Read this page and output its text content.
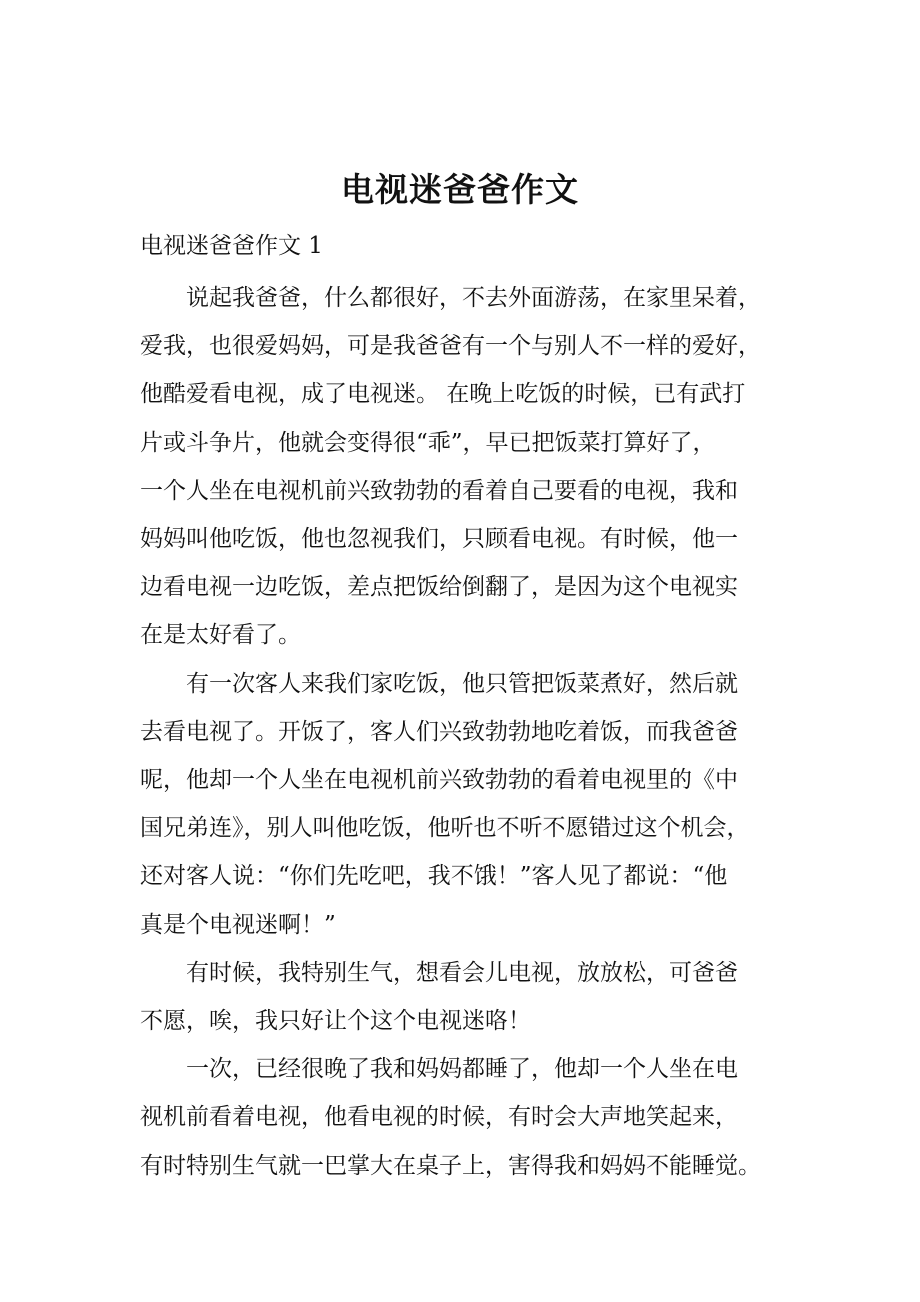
电视迷爸爸作文
电视迷爸爸作文 1

　　说起我爸爸，什么都很好，不去外面游荡，在家里呆着，
爱我，也很爱妈妈，可是我爸爸有一个与别人不一样的爱好，
他酷爱看电视，成了电视迷。 在晚上吃饭的时候，已有武打
片或斗争片，他就会变得很“乖”，早已把饭菜打算好了，
一个人坐在电视机前兴致勃勃的看着自己要看的电视，我和
妈妈叫他吃饭，他也忽视我们，只顾看电视。有时候，他一
边看电视一边吃饭，差点把饭给倒翻了，是因为这个电视实
在是太好看了。

　　有一次客人来我们家吃饭，他只管把饭菜煮好，然后就
去看电视了。开饭了，客人们兴致勃勃地吃着饭，而我爸爸
呢，他却一个人坐在电视机前兴致勃勃的看着电视里的《中
国兄弟连》，别人叫他吃饭，他听也不听不愿错过这个机会，
还对客人说：“你们先吃吧，我不饿！”客人见了都说：“他
真是个电视迷啊！”

　　有时候，我特别生气，想看会儿电视，放放松，可爸爸
不愿，唉，我只好让个这个电视迷咯！

　　一次，已经很晚了我和妈妈都睡了，他却一个人坐在电
视机前看着电视，他看电视的时候，有时会大声地笑起来，
有时特别生气就一巴掌大在桌子上，害得我和妈妈不能睡觉。
